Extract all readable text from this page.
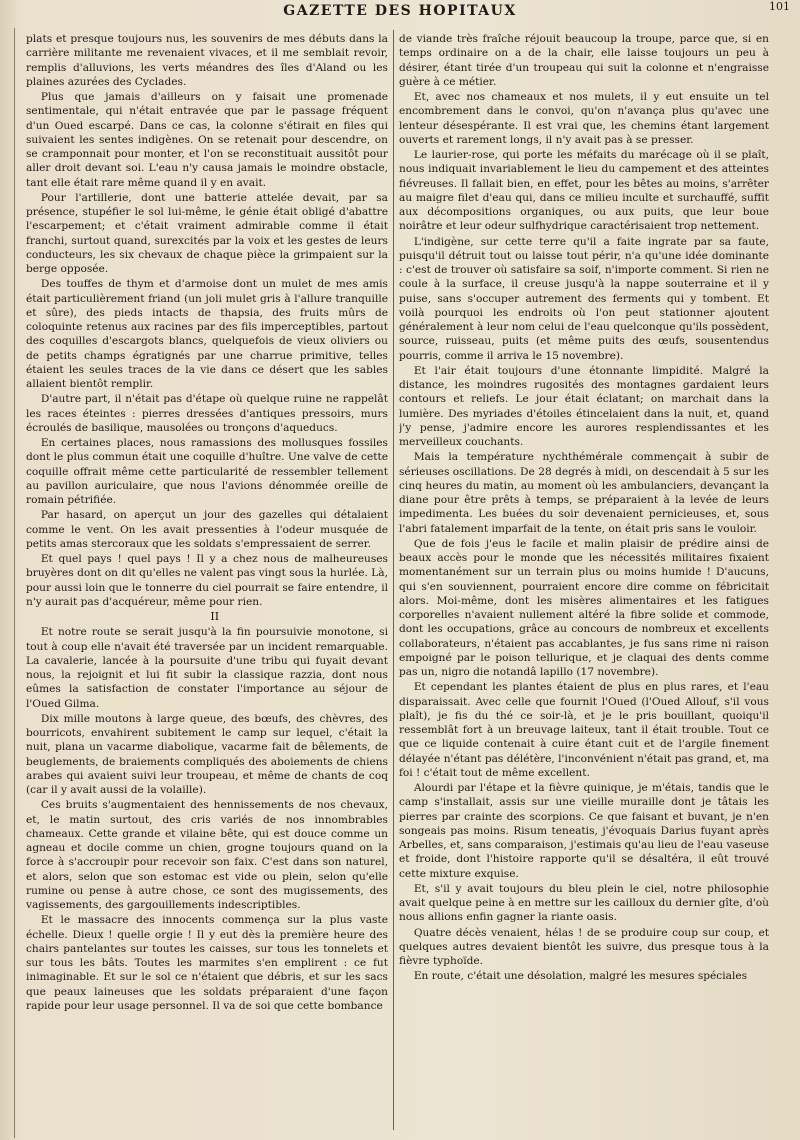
GAZETTE DES HOPITAUX	101

plats et presque toujours nus, les souvenirs de mes débuts dans la carrière militante me revenaient vivaces, et il me semblait revoir, remplis d'alluvions, les verts méandres des îles d'Aland ou les plaines azurées des Cyclades.

Plus que jamais d'ailleurs on y faisait une promenade sentimentale, qui n'était entravée que par le passage fréquent d'un Oued escarpé. Dans ce cas, la colonne s'étirait en files qui suivaient les sentes indigènes. On se retenait pour descendre, on se cramponnait pour monter, et l'on se reconstituait aussitôt pour aller droit devant soi. L'eau n'y causa jamais le moindre obstacle, tant elle était rare même quand il y en avait.

Pour l'artillerie, dont une batterie attelée devait, par sa présence, stupéfier le sol lui-même, le génie était obligé d'abattre l'escarpement; et c'était vraiment admirable comme il était franchi, surtout quand, surexcités par la voix et les gestes de leurs conducteurs, les six chevaux de chaque pièce la grimpaient sur la berge opposée.

Des touffes de thym et d'armoise dont un mulet de mes amis était particulièrement friand (un joli mulet gris à l'allure tranquille et sûre), des pieds intacts de thapsia, des fruits mûrs de coloquinte retenus aux racines par des fils imperceptibles, partout des coquilles d'escargots blancs, quelquefois de vieux oliviers ou de petits champs égratignés par une charrue primitive, telles étaient les seules traces de la vie dans ce désert que les sables allaient bientôt remplir.

D'autre part, il n'était pas d'étape où quelque ruine ne rappelât les races éteintes : pierres dressées d'antiques pressoirs, murs écroulés de basilique, mausolées ou tronçons d'aqueducs.

En certaines places, nous ramassions des mollusques fossiles dont le plus commun était une coquille d'huître. Une valve de cette coquille offrait même cette particularité de ressembler tellement au pavillon auriculaire, que nous l'avions dénommée oreille de romain pétrifiée.

Par hasard, on aperçut un jour des gazelles qui détalaient comme le vent. On les avait pressenties à l'odeur musquée de petits amas stercoraux que les soldats s'empressaient de serrer.

Et quel pays ! quel pays ! Il y a chez nous de malheureuses bruyères dont on dit qu'elles ne valent pas vingt sous la hurlée. Là, pour aussi loin que le tonnerre du ciel pourrait se faire entendre, il n'y aurait pas d'acquéreur, même pour rien.

II

Et notre route se serait jusqu'à la fin poursuivie monotone, si tout à coup elle n'avait été traversée par un incident remarquable. La cavalerie, lancée à la poursuite d'une tribu qui fuyait devant nous, la rejoignit et lui fit subir la classique razzia, dont nous eûmes la satisfaction de constater l'importance au séjour de l'Oued Gilma.

Dix mille moutons à large queue, des bœufs, des chèvres, des bourricots, envahirent subitement le camp sur lequel, c'était la nuit, plana un vacarme diabolique, vacarme fait de bêlements, de beuglements, de braiements compliqués des aboiements de chiens arabes qui avaient suivi leur troupeau, et même de chants de coq (car il y avait aussi de la volaille).

Ces bruits s'augmentaient des hennissements de nos chevaux, et, le matin surtout, des cris variés de nos innombrables chameaux. Cette grande et vilaine bête, qui est douce comme un agneau et docile comme un chien, grogne toujours quand on la force à s'accroupir pour recevoir son faix. C'est dans son naturel, et alors, selon que son estomac est vide ou plein, selon qu'elle rumine ou pense à autre chose, ce sont des mugissements, des vagissements, des gargouillements indescriptibles.

Et le massacre des innocents commença sur la plus vaste échelle. Dieux ! quelle orgie ! Il y eut dès la première heure des chairs pantelantes sur toutes les caisses, sur tous les tonnelets et sur tous les bâts. Toutes les marmites s'en emplirent : ce fut inimaginable. Et sur le sol ce n'étaient que débris, et sur les sacs que peaux laineuses que les soldats préparaient d'une façon rapide pour leur usage personnel. Il va de soi que cette bombance

de viande très fraîche réjouit beaucoup la troupe, parce que, si en temps ordinaire on a de la chair, elle laisse toujours un peu à désirer, étant tirée d'un troupeau qui suit la colonne et n'engraisse guère à ce métier.

Et, avec nos chameaux et nos mulets, il y eut ensuite un tel encombrement dans le convoi, qu'on n'avança plus qu'avec une lenteur désespérante. Il est vrai que, les chemins étant largement ouverts et rarement longs, il n'y avait pas à se presser.

Le laurier-rose, qui porte les méfaits du marécage où il se plaît, nous indiquait invariablement le lieu du campement et des atteintes fiévreuses. Il fallait bien, en effet, pour les bêtes au moins, s'arrêter au maigre filet d'eau qui, dans ce milieu inculte et surchauffé, suffit aux décompositions organiques, ou aux puits, que leur boue noirâtre et leur odeur sulfhydrique caractérisaient trop nettement.

L'indigène, sur cette terre qu'il a faite ingrate par sa faute, puisqu'il détruit tout ou laisse tout périr, n'a qu'une idée dominante : c'est de trouver où satisfaire sa soif, n'importe comment. Si rien ne coule à la surface, il creuse jusqu'à la nappe souterraine et il y puise, sans s'occuper autrement des ferments qui y tombent. Et voilà pourquoi les endroits où l'on peut stationner ajoutent généralement à leur nom celui de l'eau quelconque qu'ils possèdent, source, ruisseau, puits (et même puits des œufs, sousentendus pourris, comme il arriva le 15 novembre).

Et l'air était toujours d'une étonnante limpidité. Malgré la distance, les moindres rugosités des montagnes gardaient leurs contours et reliefs. Le jour était éclatant; on marchait dans la lumière. Des myriades d'étoiles étincelaient dans la nuit, et, quand j'y pense, j'admire encore les aurores resplendissantes et les merveilleux couchants.

Mais la température nychthémérale commençait à subir de sérieuses oscillations. De 28 degrés à midi, on descendait à 5 sur les cinq heures du matin, au moment où les ambulanciers, devançant la diane pour être prêts à temps, se préparaient à la levée de leurs impedimenta. Les buées du soir devenaient pernicieuses, et, sous l'abri fatalement imparfait de la tente, on était pris sans le vouloir.

Que de fois j'eus le facile et malin plaisir de prédire ainsi de beaux accès pour le monde que les nécessités militaires fixaient momentanément sur un terrain plus ou moins humide ! D'aucuns, qui s'en souviennent, pourraient encore dire comme on fébricitait alors. Moi-même, dont les misères alimentaires et les fatigues corporelles n'avaient nullement altéré la fibre solide et commode, dont les occupations, grâce au concours de nombreux et excellents collaborateurs, n'étaient pas accablantes, je fus sans rime ni raison empoigné par le poison tellurique, et je claquai des dents comme pas un, nigro die notandâ lapillo (17 novembre).

Et cependant les plantes étaient de plus en plus rares, et l'eau disparaissait. Avec celle que fournit l'Oued (l'Oued Allouf, s'il vous plaît), je fis du thé ce soir-là, et je le pris bouillant, quoiqu'il ressemblât fort à un breuvage laiteux, tant il était trouble. Tout ce que ce liquide contenait à cuire étant cuit et de l'argile finement délayée n'étant pas délétère, l'inconvénient n'était pas grand, et, ma foi ! c'était tout de même excellent.

Alourdi par l'étape et la fièvre quinique, je m'étais, tandis que le camp s'installait, assis sur une vieille muraille dont je tâtais les pierres par crainte des scorpions. Ce que faisant et buvant, je n'en songeais pas moins. Risum teneatis, j'évoquais Darius fuyant après Arbelles, et, sans comparaison, j'estimais qu'au lieu de l'eau vaseuse et froide, dont l'histoire rapporte qu'il se désaltéra, il eût trouvé cette mixture exquise.

Et, s'il y avait toujours du bleu plein le ciel, notre philosophie avait quelque peine à en mettre sur les cailloux du dernier gîte, d'où nous allions enfin gagner la riante oasis.

Quatre décès venaient, hélas ! de se produire coup sur coup, et quelques autres devaient bientôt les suivre, dus presque tous à la fièvre typhoïde.

En route, c'était une désolation, malgré les mesures spéciales
